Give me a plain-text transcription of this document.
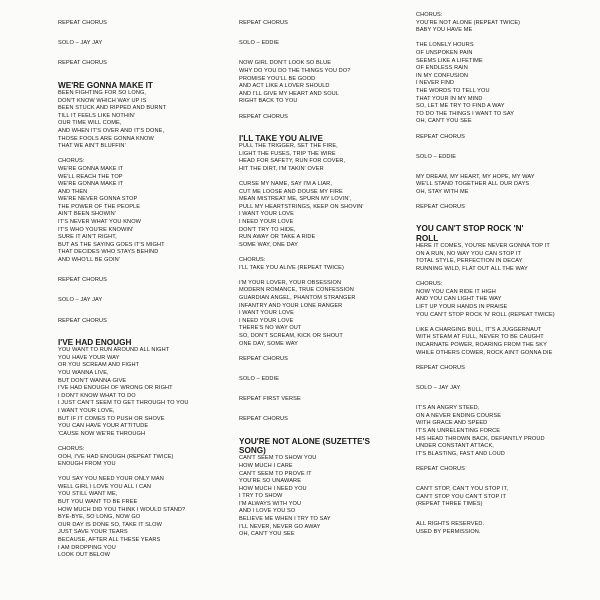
REPEAT CHORUS
SOLO – JAY JAY
REPEAT CHORUS
WE'RE GONNA MAKE IT
BEEN FIGHTING FOR SO LONG,
DON'T KNOW WHICH WAY UP IS
BEEN STUCK AND RIPPED AND BURNT
TILL IT FEELS LIKE NOTHIN'
OUR TIME WILL COME,
AND WHEN IT'S OVER AND IT'S DONE,
THOSE FOOLS ARE GONNA KNOW
THAT WE AIN'T BLUFFIN'
CHORUS:
WE'RE GONNA MAKE IT
WE'LL REACH THE TOP
WE'RE GONNA MAKE IT
AND THEN
WE'RE NEVER GONNA STOP
THE POWER OF THE PEOPLE
AIN'T BEEN SHOWIN'
IT'S NEVER WHAT YOU KNOW
IT'S WHO YOU'RE KNOWIN'
SURE IT AIN'T RIGHT,
BUT AS THE SAYING GOES IT'S MIGHT
THAT DECIDES WHO STAYS BEHIND
AND WHO'LL BE GOIN'
REPEAT CHORUS
SOLO – JAY JAY
REPEAT CHORUS
I'VE HAD ENOUGH
YOU WANT TO RUN AROUND ALL NIGHT
YOU HAVE YOUR WAY
OR YOU SCREAM AND FIGHT
YOU WANNA LIVE,
BUT DON'T WANNA GIVE
I'VE HAD ENOUGH OF WRONG OR RIGHT
I DON'T KNOW WHAT TO DO
I JUST CAN'T SEEM TO GET THROUGH TO YOU
I WANT YOUR LOVE,
BUT IF IT COMES TO PUSH OR SHOVE
YOU CAN HAVE YOUR ATTITUDE
'CAUSE NOW WE'RE THROUGH
CHORUS:
OOH, I'VE HAD ENOUGH (REPEAT TWICE)
ENOUGH FROM YOU
YOU SAY YOU NEED YOUR ONLY MAN
WELL GIRL I LOVE YOU ALL I CAN
YOU STILL WANT ME,
BUT YOU WANT TO BE FREE
HOW MUCH DID YOU THINK I WOULD STAND?
BYE-BYE, SO LONG, NOW GO
OUR DAY IS DONE SO, TAKE IT SLOW
JUST SAVE YOUR TEARS
BECAUSE, AFTER ALL THESE YEARS
I AM DROPPING YOU
LOOK OUT BELOW
REPEAT CHORUS
SOLO – EDDIE
NOW GIRL DON'T LOOK SO BLUE
WHY DO YOU DO THE THINGS YOU DO?
PROMISE YOU'LL BE GOOD
AND ACT LIKE A LOVER SHOULD
AND I'LL GIVE MY HEART AND SOUL
RIGHT BACK TO YOU
REPEAT CHORUS
I'LL TAKE YOU ALIVE
PULL THE TRIGGER, SET THE FIRE,
LIGHT THE FUSES, TRIP THE WIRE
HEAD FOR SAFETY, RUN FOR COVER,
HIT THE DIRT, I'M TAKIN' OVER
CURSE MY NAME, SAY I'M A LIAR,
CUT ME LOOSE AND DOUSE MY FIRE
MEAN MISTREAT ME, SPURN MY LOVIN',
PULL MY HEARTSTRINGS, KEEP ON SHOVIN'
I WANT YOUR LOVE
I NEED YOUR LOVE
DON'T TRY TO HIDE,
RUN AWAY OR TAKE A RIDE
SOME WAY, ONE DAY
CHORUS:
I'LL TAKE YOU ALIVE (REPEAT TWICE)
I'M YOUR LOVER, YOUR OBSESSION
MODERN ROMANCE, TRUE CONFESSION
GUARDIAN ANGEL, PHANTOM STRANGER
INFANTRY AND YOUR LONE RANGER
I WANT YOUR LOVE
I NEED YOUR LOVE
THERE'S NO WAY OUT
SO, DON'T SCREAM, KICK OR SHOUT
ONE DAY, SOME WAY
REPEAT CHORUS
SOLO – EDDIE
REPEAT FIRST VERSE
REPEAT CHORUS
YOU'RE NOT ALONE (SUZETTE'S
SONG)
CAN'T SEEM TO SHOW YOU
HOW MUCH I CARE
CAN'T SEEM TO PROVE IT
YOU'RE SO UNAWARE
HOW MUCH I NEED YOU
I TRY TO SHOW
I'M ALWAYS WITH YOU
AND I LOVE YOU SO
BELIEVE ME WHEN I TRY TO SAY
I'LL NEVER, NEVER GO AWAY
OH, CAN'T YOU SEE
CHORUS:
YOU'RE NOT ALONE (REPEAT TWICE)
BABY YOU HAVE ME
THE LONELY HOURS
OF UNSPOKEN PAIN
SEEMS LIKE A LIFETIME
OF ENDLESS RAIN
IN MY CONFUSION
I NEVER FIND
THE WORDS TO TELL YOU
THAT YOUR IN MY MIND
SO, LET ME TRY TO FIND A WAY
TO DO THE THINGS I WANT TO SAY
OH, CAN'T YOU SEE
REPEAT CHORUS
SOLO – EDDIE
MY DREAM, MY HEART, MY HOPE, MY WAY
WE'LL STAND TOGETHER ALL OUR DAYS
OH, STAY WITH ME
REPEAT CHORUS
YOU CAN'T STOP ROCK 'N'
ROLL
HERE IT COMES, YOU'RE NEVER GONNA TOP IT
ON A RUN, NO WAY YOU CAN STOP IT
TOTAL STYLE, PERFECTION IN DECAY
RUNNING WILD, FLAT OUT ALL THE WAY
CHORUS:
NOW YOU CAN RIDE IT HIGH
AND YOU CAN LIGHT THE WAY
LIFT UP YOUR HANDS IN PRAISE
YOU CAN'T STOP ROCK 'N' ROLL (REPEAT TWICE)
LIKE A CHARGING BULL, IT'S A JUGGERNAUT
WITH STEAM AT FULL, NEVER TO BE CAUGHT
INCARNATE POWER, ROARING FROM THE SKY
WHILE OTHERS COWER, ROCK AIN'T GONNA DIE
REPEAT CHORUS
SOLO – JAY JAY
IT'S AN ANGRY STEED,
ON A NEVER ENDING COURSE
WITH GRACE AND SPEED
IT'S AN UNRELENTING FORCE
HIS HEAD THROWN BACK, DEFIANTLY PROUD
UNDER CONSTANT ATTACK,
IT'S BLASTING, FAST AND LOUD
REPEAT CHORUS
CAN'T STOP, CAN'T YOU STOP IT,
CAN'T STOP YOU CAN'T STOP IT
(REPEAT THREE TIMES)
ALL RIGHTS RESERVED.
USED BY PERMISSION.
